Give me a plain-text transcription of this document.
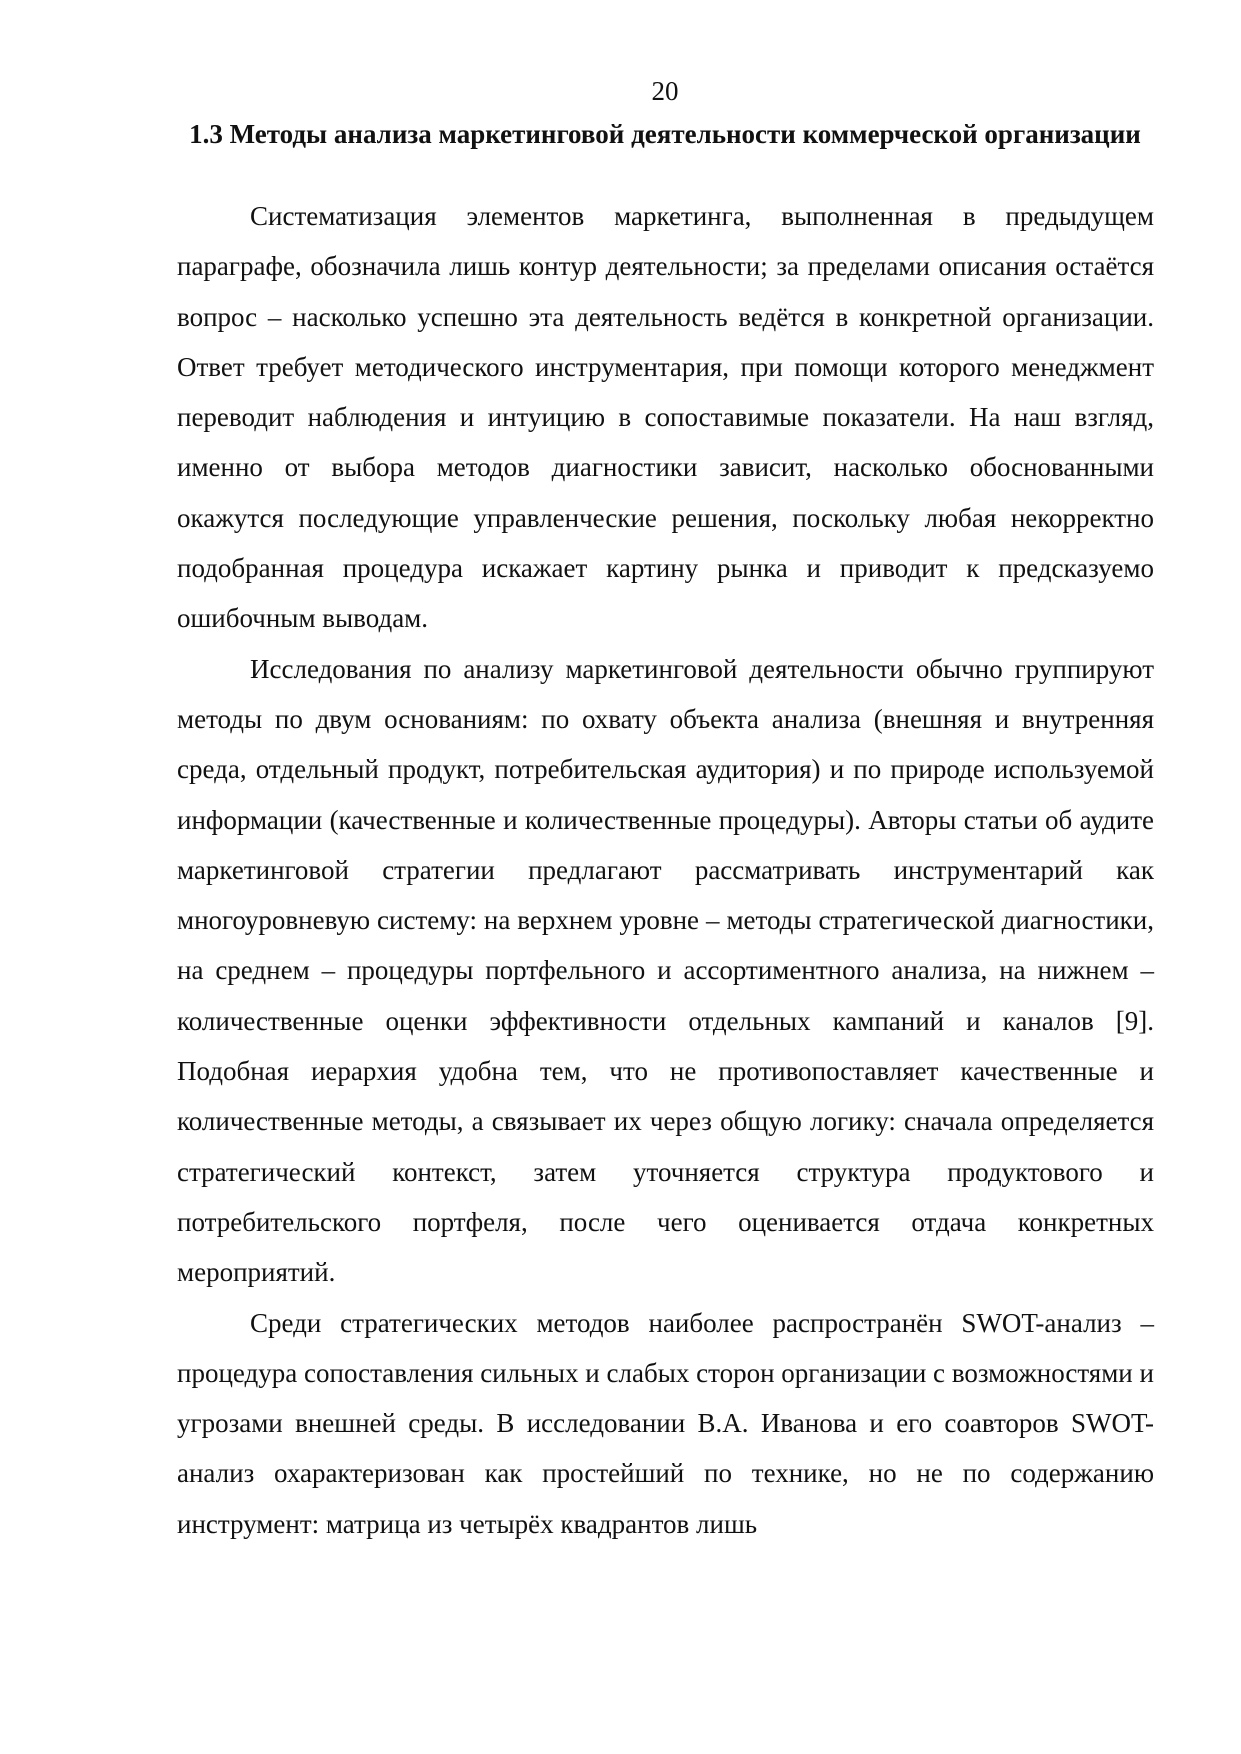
20
1.3 Методы анализа маркетинговой деятельности коммерческой организации

Систематизация элементов маркетинга, выполненная в предыдущем параграфе, обозначила лишь контур деятельности; за пределами описания остаётся вопрос – насколько успешно эта деятельность ведётся в конкретной организации. Ответ требует методического инструментария, при помощи которого менеджмент переводит наблюдения и интуицию в сопоставимые показатели. На наш взгляд, именно от выбора методов диагностики зависит, насколько обоснованными окажутся последующие управленческие решения, поскольку любая некорректно подобранная процедура искажает картину рынка и приводит к предсказуемо ошибочным выводам.

Исследования по анализу маркетинговой деятельности обычно группируют методы по двум основаниям: по охвату объекта анализа (внешняя и внутренняя среда, отдельный продукт, потребительская аудитория) и по природе используемой информации (качественные и количественные процедуры). Авторы статьи об аудите маркетинговой стратегии предлагают рассматривать инструментарий как многоуровневую систему: на верхнем уровне – методы стратегической диагностики, на среднем – процедуры портфельного и ассортиментного анализа, на нижнем – количественные оценки эффективности отдельных кампаний и каналов [9]. Подобная иерархия удобна тем, что не противопоставляет качественные и количественные методы, а связывает их через общую логику: сначала определяется стратегический контекст, затем уточняется структура продуктового и потребительского портфеля, после чего оценивается отдача конкретных мероприятий.

Среди стратегических методов наиболее распространён SWOT-анализ – процедура сопоставления сильных и слабых сторон организации с возможностями и угрозами внешней среды. В исследовании В.А. Иванова и его соавторов SWOT-анализ охарактеризован как простейший по технике, но не по содержанию инструмент: матрица из четырёх квадрантов лишь
